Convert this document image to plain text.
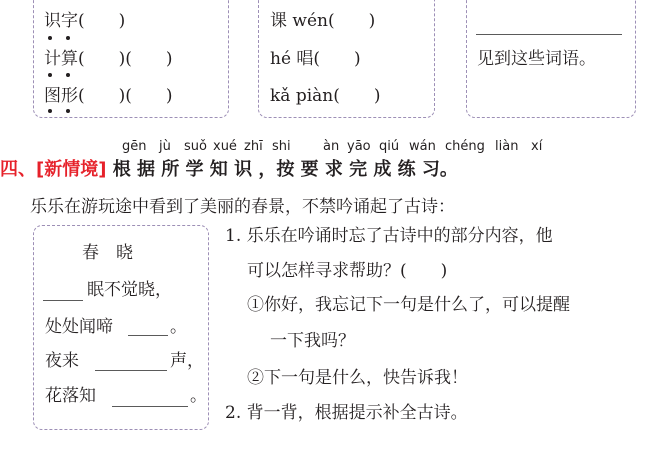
识字(　　)
计算(　　)(　　)
图形(　　)(　　)
课 wén(　　)
hé 唱(　　)
kǎ piàn(　　)
见到这些词语。
gēn jù suǒ xué zhī shi àn yāo qiú wán chéng liàn xí
四、[新情境] 根 据 所 学 知 识 ，按 要 求 完 成 练 习。
乐乐在游玩途中看到了美丽的春景，不禁吟诵起了古诗：
春　晓
眠不觉晓，
处处闻啼	。
夜来	声，
花落知	。
1. 乐乐在吟诵时忘了古诗中的部分内容，他
可以怎样寻求帮助？(　　)
①你好，我忘记下一句是什么了，可以提醒
一下我吗？
②下一句是什么，快告诉我！
2. 背一背，根据提示补全古诗。
